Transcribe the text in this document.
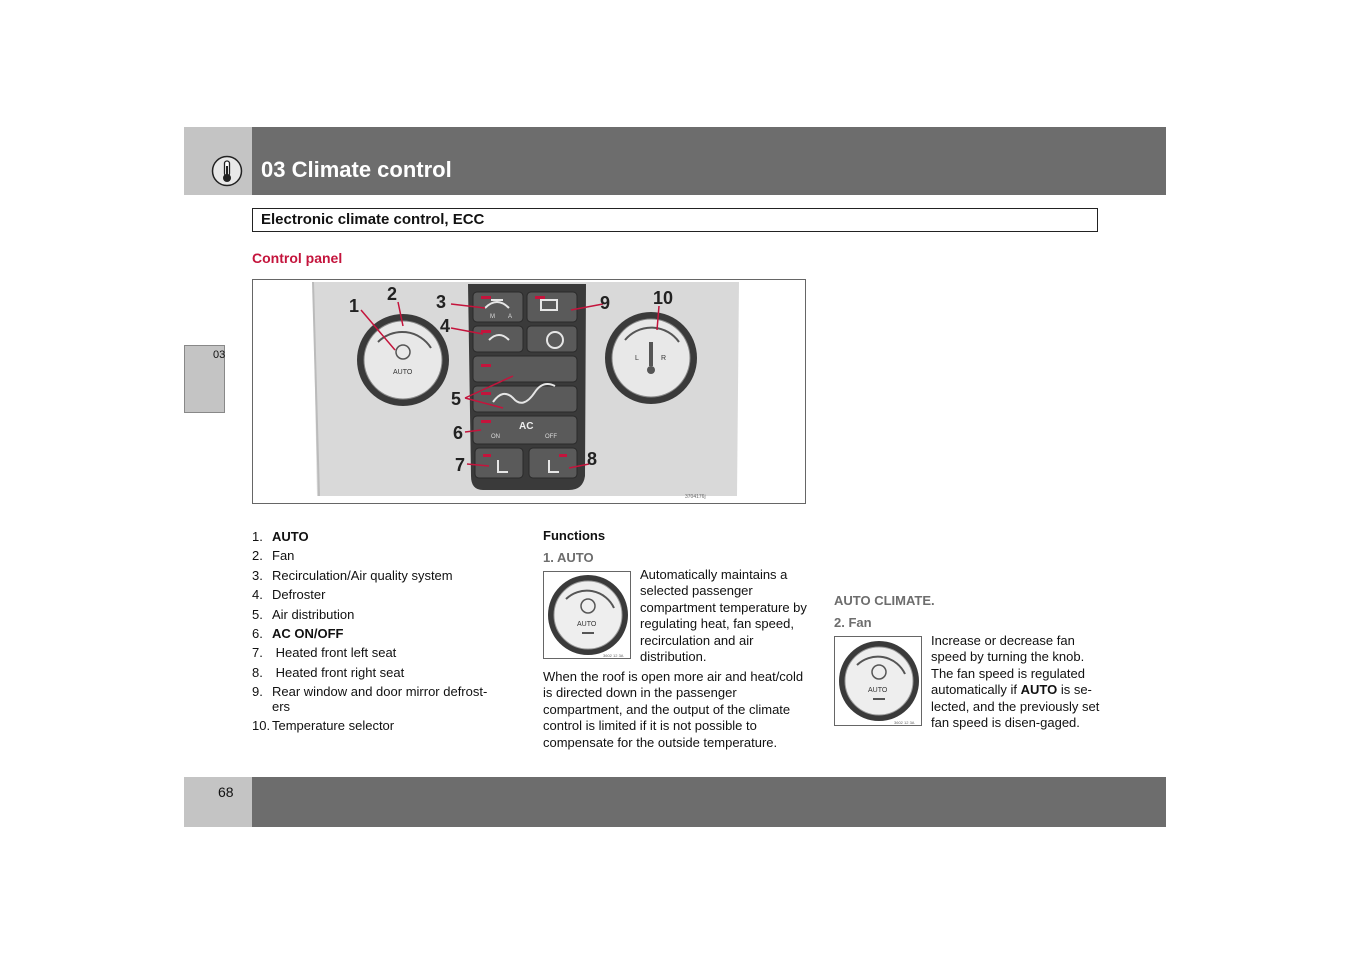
03 Climate control
Electronic climate control, ECC
03
Control panel
M A
AC
ON	OFF
AUTO
L	R
1
2 3
4
5
6
7	8
9 10
3704176j
1. AUTO
2. Fan
3. Recirculation/Air quality system
4. Defroster
5. Air distribution
6. AC ON/OFF
7. Heated front left seat
8. Heated front right seat
9. Rear window and door mirror defrost-ers
10. Temperature selector
Functions
1. AUTO
AUTO
3602 12 3A
Automatically maintains a selected passenger compartment temperature by regulating heat, fan speed, recirculation and air distribution.
When the roof is open more air and heat/cold is directed down in the passenger compartment, and the output of the climate control is limited if it is not possible to compensate for the outside temperature.
AUTO CLIMATE.
2. Fan
AUTO
3602 12 3A
Increase or decrease fan speed by turning the knob. The fan speed is regulated automatically if AUTO is se-lected, and the previously set fan speed is disen-gaged.
68
